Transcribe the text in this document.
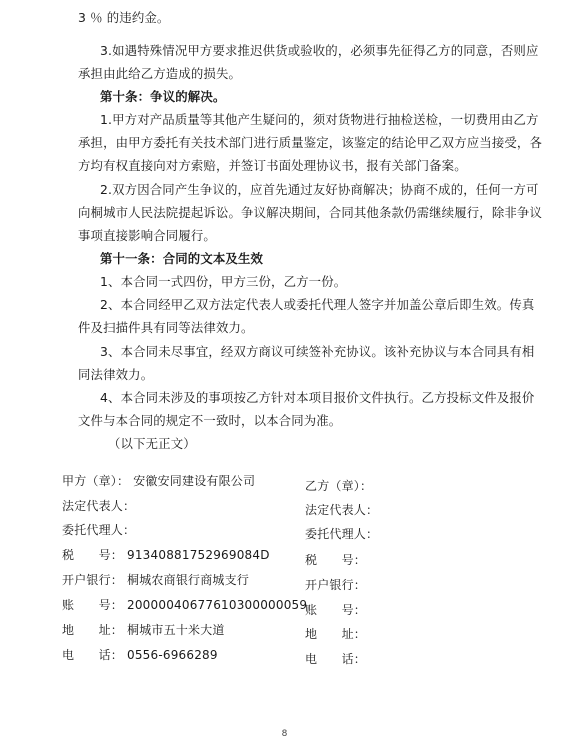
3 ％ 的违约金。
3.如遇特殊情况甲方要求推迟供货或验收的，必须事先征得乙方的同意，否则应
承担由此给乙方造成的损失。
第十条：争议的解决。
1.甲方对产品质量等其他产生疑问的，须对货物进行抽检送检，一切费用由乙方
承担，由甲方委托有关技术部门进行质量鉴定，该鉴定的结论甲乙双方应当接受，各
方均有权直接向对方索赔，并签订书面处理协议书，报有关部门备案。
2.双方因合同产生争议的，应首先通过友好协商解决；协商不成的，任何一方可
向桐城市人民法院提起诉讼。争议解决期间，合同其他条款仍需继续履行，除非争议
事项直接影响合同履行。
第十一条：合同的文本及生效
1、本合同一式四份，甲方三份，乙方一份。
2、本合同经甲乙双方法定代表人或委托代理人签字并加盖公章后即生效。传真
件及扫描件具有同等法律效力。
3、本合同未尽事宜，经双方商议可续签补充协议。该补充协议与本合同具有相
同法律效力。
4、本合同未涉及的事项按乙方针对本项目报价文件执行。乙方投标文件及报价
文件与本合同的规定不一致时，以本合同为准。
（以下无正文）
甲方（章）： 安徽安同建设有限公司
法定代表人：
委托代理人：
税　　号： 91340881752969084D
开户银行： 桐城农商银行商城支行
账　　号： 20000040677610300000059
地　　址： 桐城市五十米大道
电　　话： 0556-6966289
乙方（章）：
法定代表人：
委托代理人：
税　　号：
开户银行：
账　　号：
地　　址：
电　　话：
8
